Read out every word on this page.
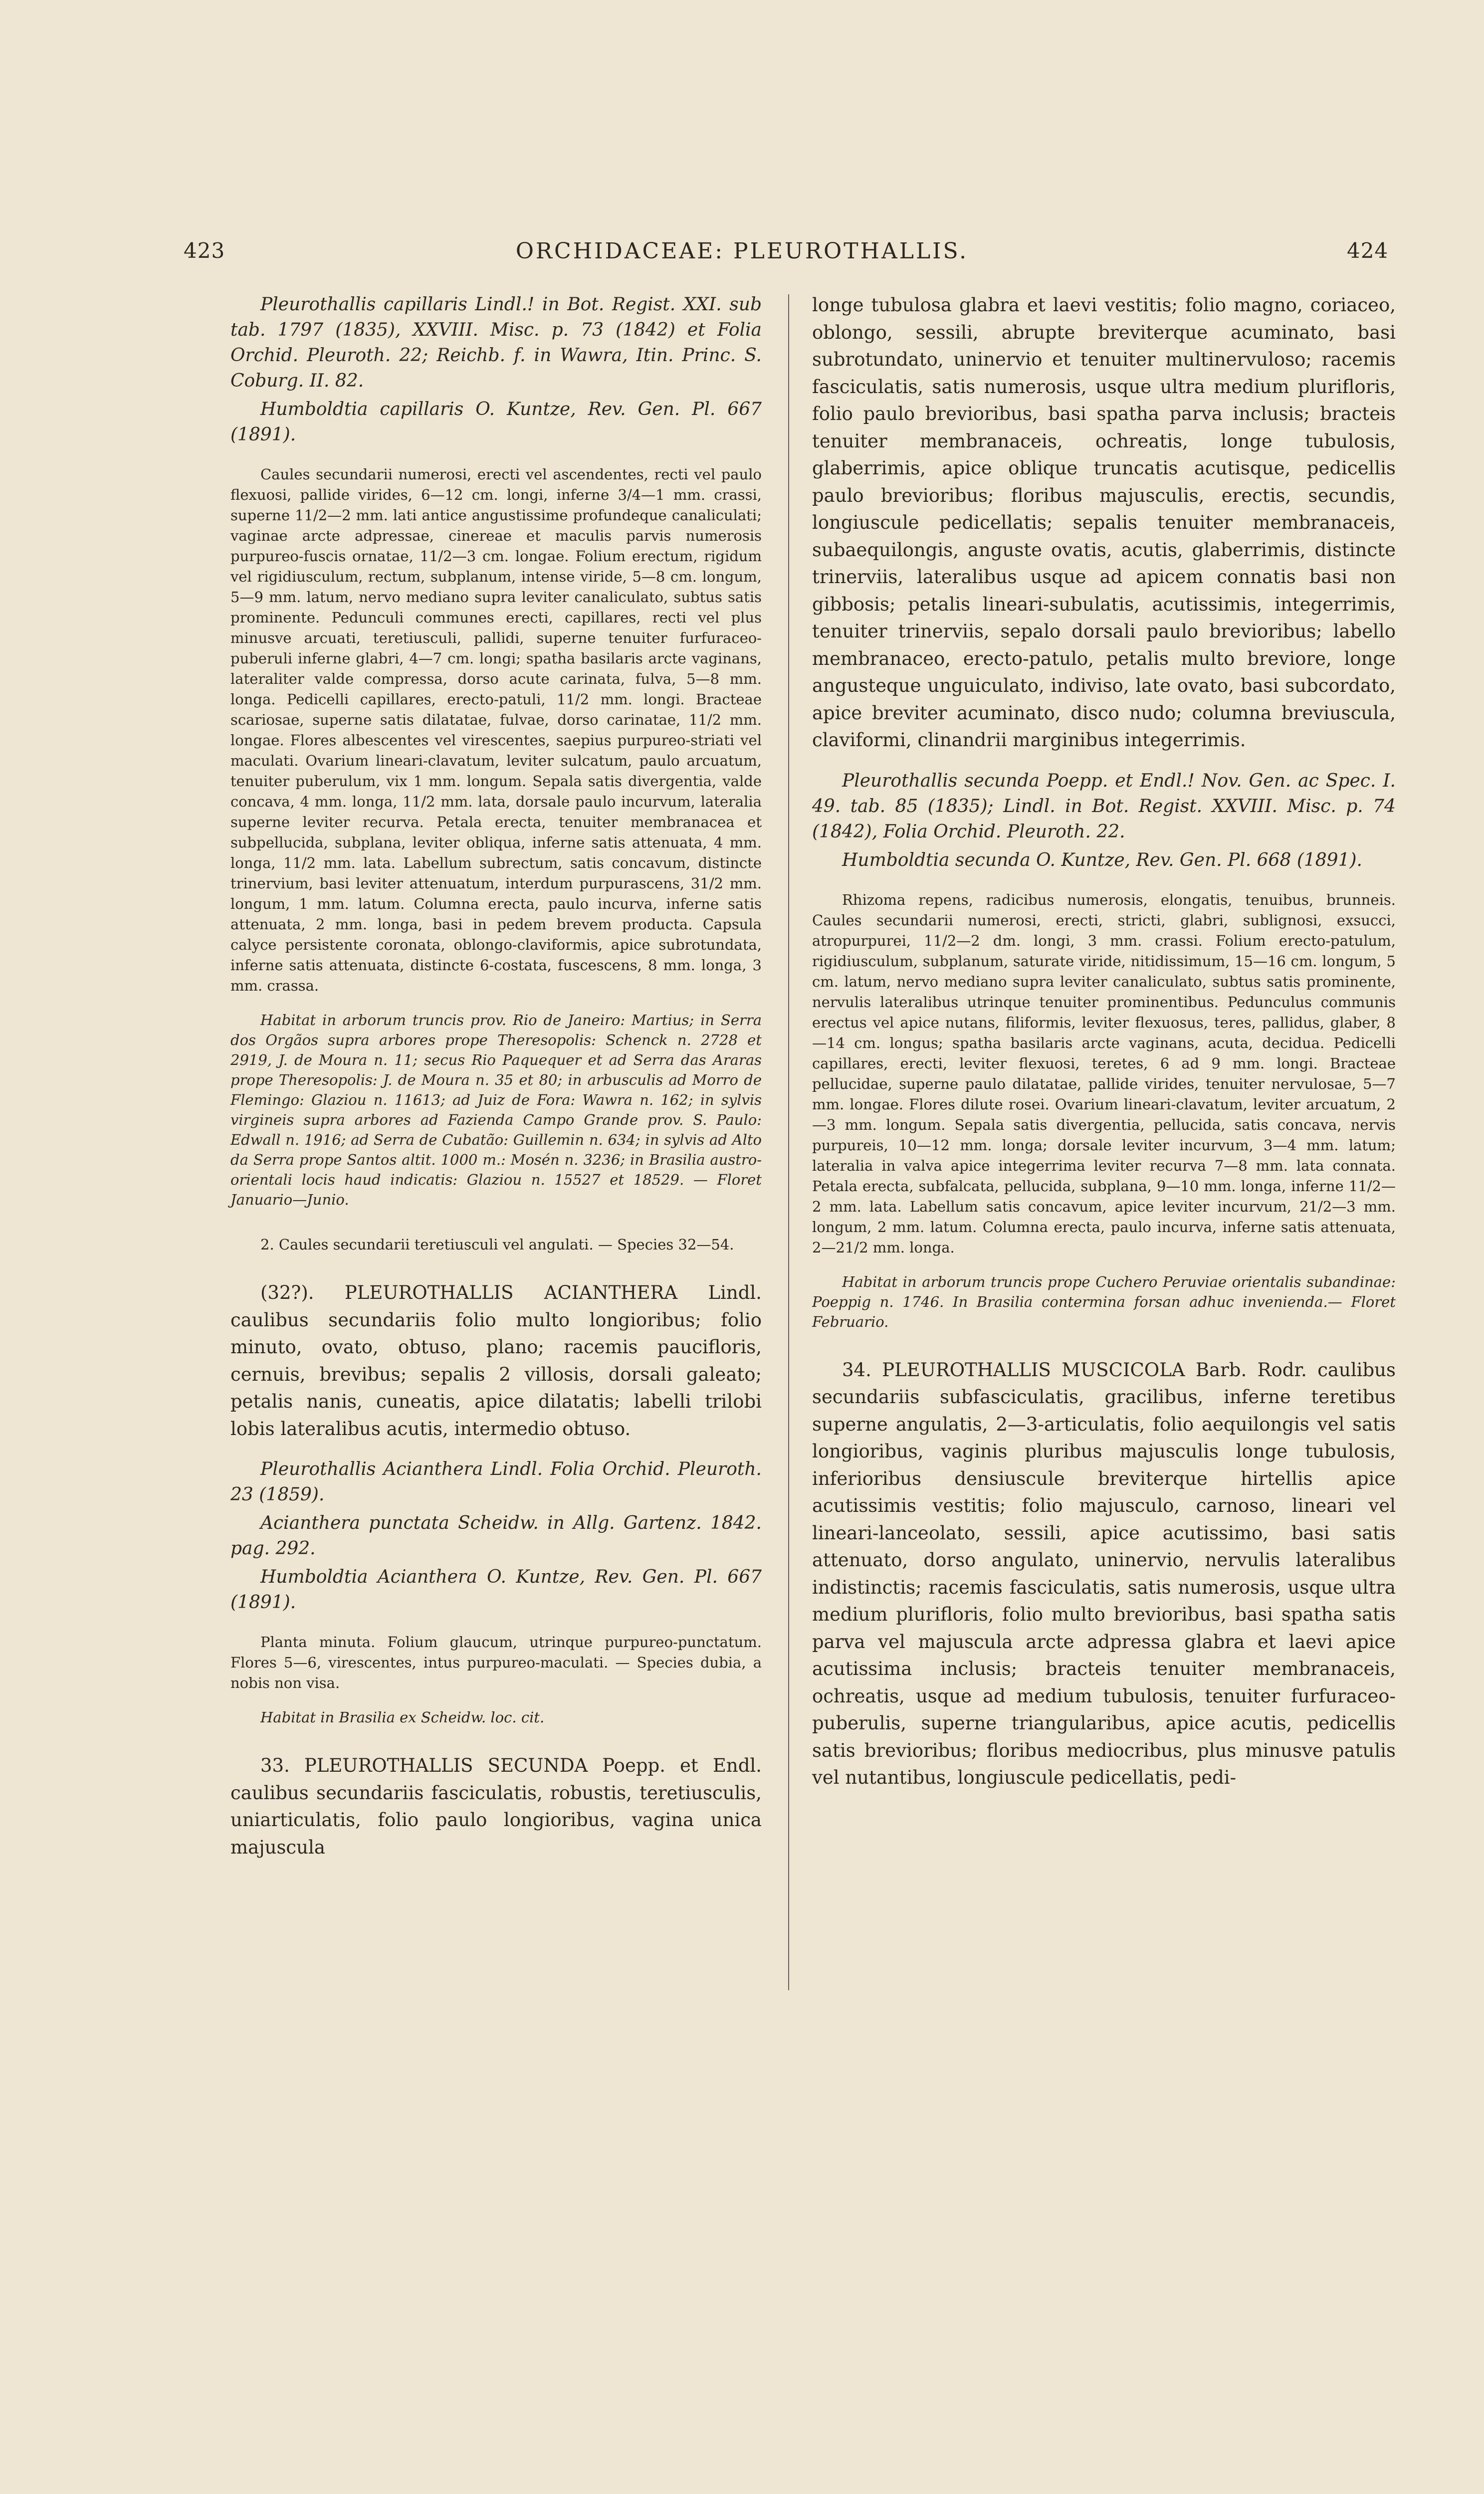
423	ORCHIDACEAE: PLEUROTHALLIS.	424

Pleurothallis capillaris Lindl.! in Bot. Regist. XXI. sub tab. 1797 (1835), XXVIII. Misc. p. 73 (1842) et Folia Orchid. Pleuroth. 22; Reichb. f. in Wawra, Itin. Princ. S. Coburg. II. 82.

Humboldtia capillaris O. Kuntze, Rev. Gen. Pl. 667 (1891).

Caules secundarii numerosi, erecti vel ascendentes, recti vel paulo flexuosi, pallide virides, 6—12 cm. longi, inferne 3/4—1 mm. crassi, superne 11/2—2 mm. lati antice angustissime profundeque canaliculati; vaginae arcte adpressae, cinereae et maculis parvis numerosis purpureo-fuscis ornatae, 11/2—3 cm. longae. Folium erectum, rigidum vel rigidiusculum, rectum, subplanum, intense viride, 5—8 cm. longum, 5—9 mm. latum, nervo mediano supra leviter canaliculato, subtus satis prominente. Pedunculi communes erecti, capillares, recti vel plus minusve arcuati, teretiusculi, pallidi, superne tenuiter furfuraceo-puberuli inferne glabri, 4—7 cm. longi; spatha basilaris arcte vaginans, lateraliter valde compressa, dorso acute carinata, fulva, 5—8 mm. longa. Pedicelli capillares, erecto-patuli, 11/2 mm. longi. Bracteae scariosae, superne satis dilatatae, fulvae, dorso carinatae, 11/2 mm. longae. Flores albescentes vel virescentes, saepius purpureo-striati vel maculati. Ovarium lineari-clavatum, leviter sulcatum, paulo arcuatum, tenuiter puberulum, vix 1 mm. longum. Sepala satis divergentia, valde concava, 4 mm. longa, 11/2 mm. lata, dorsale paulo incurvum, lateralia superne leviter recurva. Petala erecta, tenuiter membranacea et subpellucida, subplana, leviter obliqua, inferne satis attenuata, 4 mm. longa, 11/2 mm. lata. Labellum subrectum, satis concavum, distincte trinervium, basi leviter attenuatum, interdum purpurascens, 31/2 mm. longum, 1 mm. latum. Columna erecta, paulo incurva, inferne satis attenuata, 2 mm. longa, basi in pedem brevem producta. Capsula calyce persistente coronata, oblongo-claviformis, apice subrotundata, inferne satis attenuata, distincte 6-costata, fuscescens, 8 mm. longa, 3 mm. crassa.

Habitat in arborum truncis prov. Rio de Janeiro: Martius; in Serra dos Orgãos supra arbores prope Theresopolis: Schenck n. 2728 et 2919, J. de Moura n. 11; secus Rio Paquequer et ad Serra das Araras prope Theresopolis: J. de Moura n. 35 et 80; in arbusculis ad Morro de Flemingo: Glaziou n. 11613; ad Juiz de Fora: Wawra n. 162; in sylvis virgineis supra arbores ad Fazienda Campo Grande prov. S. Paulo: Edwall n. 1916; ad Serra de Cubatão: Guillemin n. 634; in sylvis ad Alto da Serra prope Santos altit. 1000 m.: Mosén n. 3236; in Brasilia austro-orientali locis haud indicatis: Glaziou n. 15527 et 18529. — Floret Januario—Junio.

2. Caules secundarii teretiusculi vel angulati. — Species 32—54.

(32?). PLEUROTHALLIS ACIANTHERA Lindl. caulibus secundariis folio multo longioribus; folio minuto, ovato, obtuso, plano; racemis paucifloris, cernuis, brevibus; sepalis 2 villosis, dorsali galeato; petalis nanis, cuneatis, apice dilatatis; labelli trilobi lobis lateralibus acutis, intermedio obtuso.

Pleurothallis Acianthera Lindl. Folia Orchid. Pleuroth. 23 (1859).

Acianthera punctata Scheidw. in Allg. Gartenz. 1842. pag. 292.

Humboldtia Acianthera O. Kuntze, Rev. Gen. Pl. 667 (1891).

Planta minuta. Folium glaucum, utrinque purpureo-punctatum. Flores 5—6, virescentes, intus purpureo-maculati. — Species dubia, a nobis non visa.

Habitat in Brasilia ex Scheidw. loc. cit.

33. PLEUROTHALLIS SECUNDA Poepp. et Endl. caulibus secundariis fasciculatis, robustis, teretiusculis, uniarticulatis, folio paulo longioribus, vagina unica majuscula

longe tubulosa glabra et laevi vestitis; folio magno, coriaceo, oblongo, sessili, abrupte breviterque acuminato, basi subrotundato, uninervio et tenuiter multinervuloso; racemis fasciculatis, satis numerosis, usque ultra medium plurifloris, folio paulo brevioribus, basi spatha parva inclusis; bracteis tenuiter membranaceis, ochreatis, longe tubulosis, glaberrimis, apice oblique truncatis acutisque, pedicellis paulo brevioribus; floribus majusculis, erectis, secundis, longiuscule pedicellatis; sepalis tenuiter membranaceis, subaequilongis, anguste ovatis, acutis, glaberrimis, distincte trinerviis, lateralibus usque ad apicem connatis basi non gibbosis; petalis lineari-subulatis, acutissimis, integerrimis, tenuiter trinerviis, sepalo dorsali paulo brevioribus; labello membranaceo, erecto-patulo, petalis multo breviore, longe angusteque unguiculato, indiviso, late ovato, basi subcordato, apice breviter acuminato, disco nudo; columna breviuscula, claviformi, clinandrii marginibus integerrimis.

Pleurothallis secunda Poepp. et Endl.! Nov. Gen. ac Spec. I. 49. tab. 85 (1835); Lindl. in Bot. Regist. XXVIII. Misc. p. 74 (1842), Folia Orchid. Pleuroth. 22.

Humboldtia secunda O. Kuntze, Rev. Gen. Pl. 668 (1891).

Rhizoma repens, radicibus numerosis, elongatis, tenuibus, brunneis. Caules secundarii numerosi, erecti, stricti, glabri, sublignosi, exsucci, atropurpurei, 11/2—2 dm. longi, 3 mm. crassi. Folium erecto-patulum, rigidiusculum, subplanum, saturate viride, nitidissimum, 15—16 cm. longum, 5 cm. latum, nervo mediano supra leviter canaliculato, subtus satis prominente, nervulis lateralibus utrinque tenuiter prominentibus. Pedunculus communis erectus vel apice nutans, filiformis, leviter flexuosus, teres, pallidus, glaber, 8—14 cm. longus; spatha basilaris arcte vaginans, acuta, decidua. Pedicelli capillares, erecti, leviter flexuosi, teretes, 6 ad 9 mm. longi. Bracteae pellucidae, superne paulo dilatatae, pallide virides, tenuiter nervulosae, 5—7 mm. longae. Flores dilute rosei. Ovarium lineari-clavatum, leviter arcuatum, 2—3 mm. longum. Sepala satis divergentia, pellucida, satis concava, nervis purpureis, 10—12 mm. longa; dorsale leviter incurvum, 3—4 mm. latum; lateralia in valva apice integerrima leviter recurva 7—8 mm. lata connata. Petala erecta, subfalcata, pellucida, subplana, 9—10 mm. longa, inferne 11/2—2 mm. lata. Labellum satis concavum, apice leviter incurvum, 21/2—3 mm. longum, 2 mm. latum. Columna erecta, paulo incurva, inferne satis attenuata, 2—21/2 mm. longa.

Habitat in arborum truncis prope Cuchero Peruviae orientalis subandinae: Poeppig n. 1746. In Brasilia contermina forsan adhuc invenienda.— Floret Februario.

34. PLEUROTHALLIS MUSCICOLA Barb. Rodr. caulibus secundariis subfasciculatis, gracilibus, inferne teretibus superne angulatis, 2—3-articulatis, folio aequilongis vel satis longioribus, vaginis pluribus majusculis longe tubulosis, inferioribus densiuscule breviterque hirtellis apice acutissimis vestitis; folio majusculo, carnoso, lineari vel lineari-lanceolato, sessili, apice acutissimo, basi satis attenuato, dorso angulato, uninervio, nervulis lateralibus indistinctis; racemis fasciculatis, satis numerosis, usque ultra medium plurifloris, folio multo brevioribus, basi spatha satis parva vel majuscula arcte adpressa glabra et laevi apice acutissima inclusis; bracteis tenuiter membranaceis, ochreatis, usque ad medium tubulosis, tenuiter furfuraceo-puberulis, superne triangularibus, apice acutis, pedicellis satis brevioribus; floribus mediocribus, plus minusve patulis vel nutantibus, longiuscule pedicellatis, pedi-
